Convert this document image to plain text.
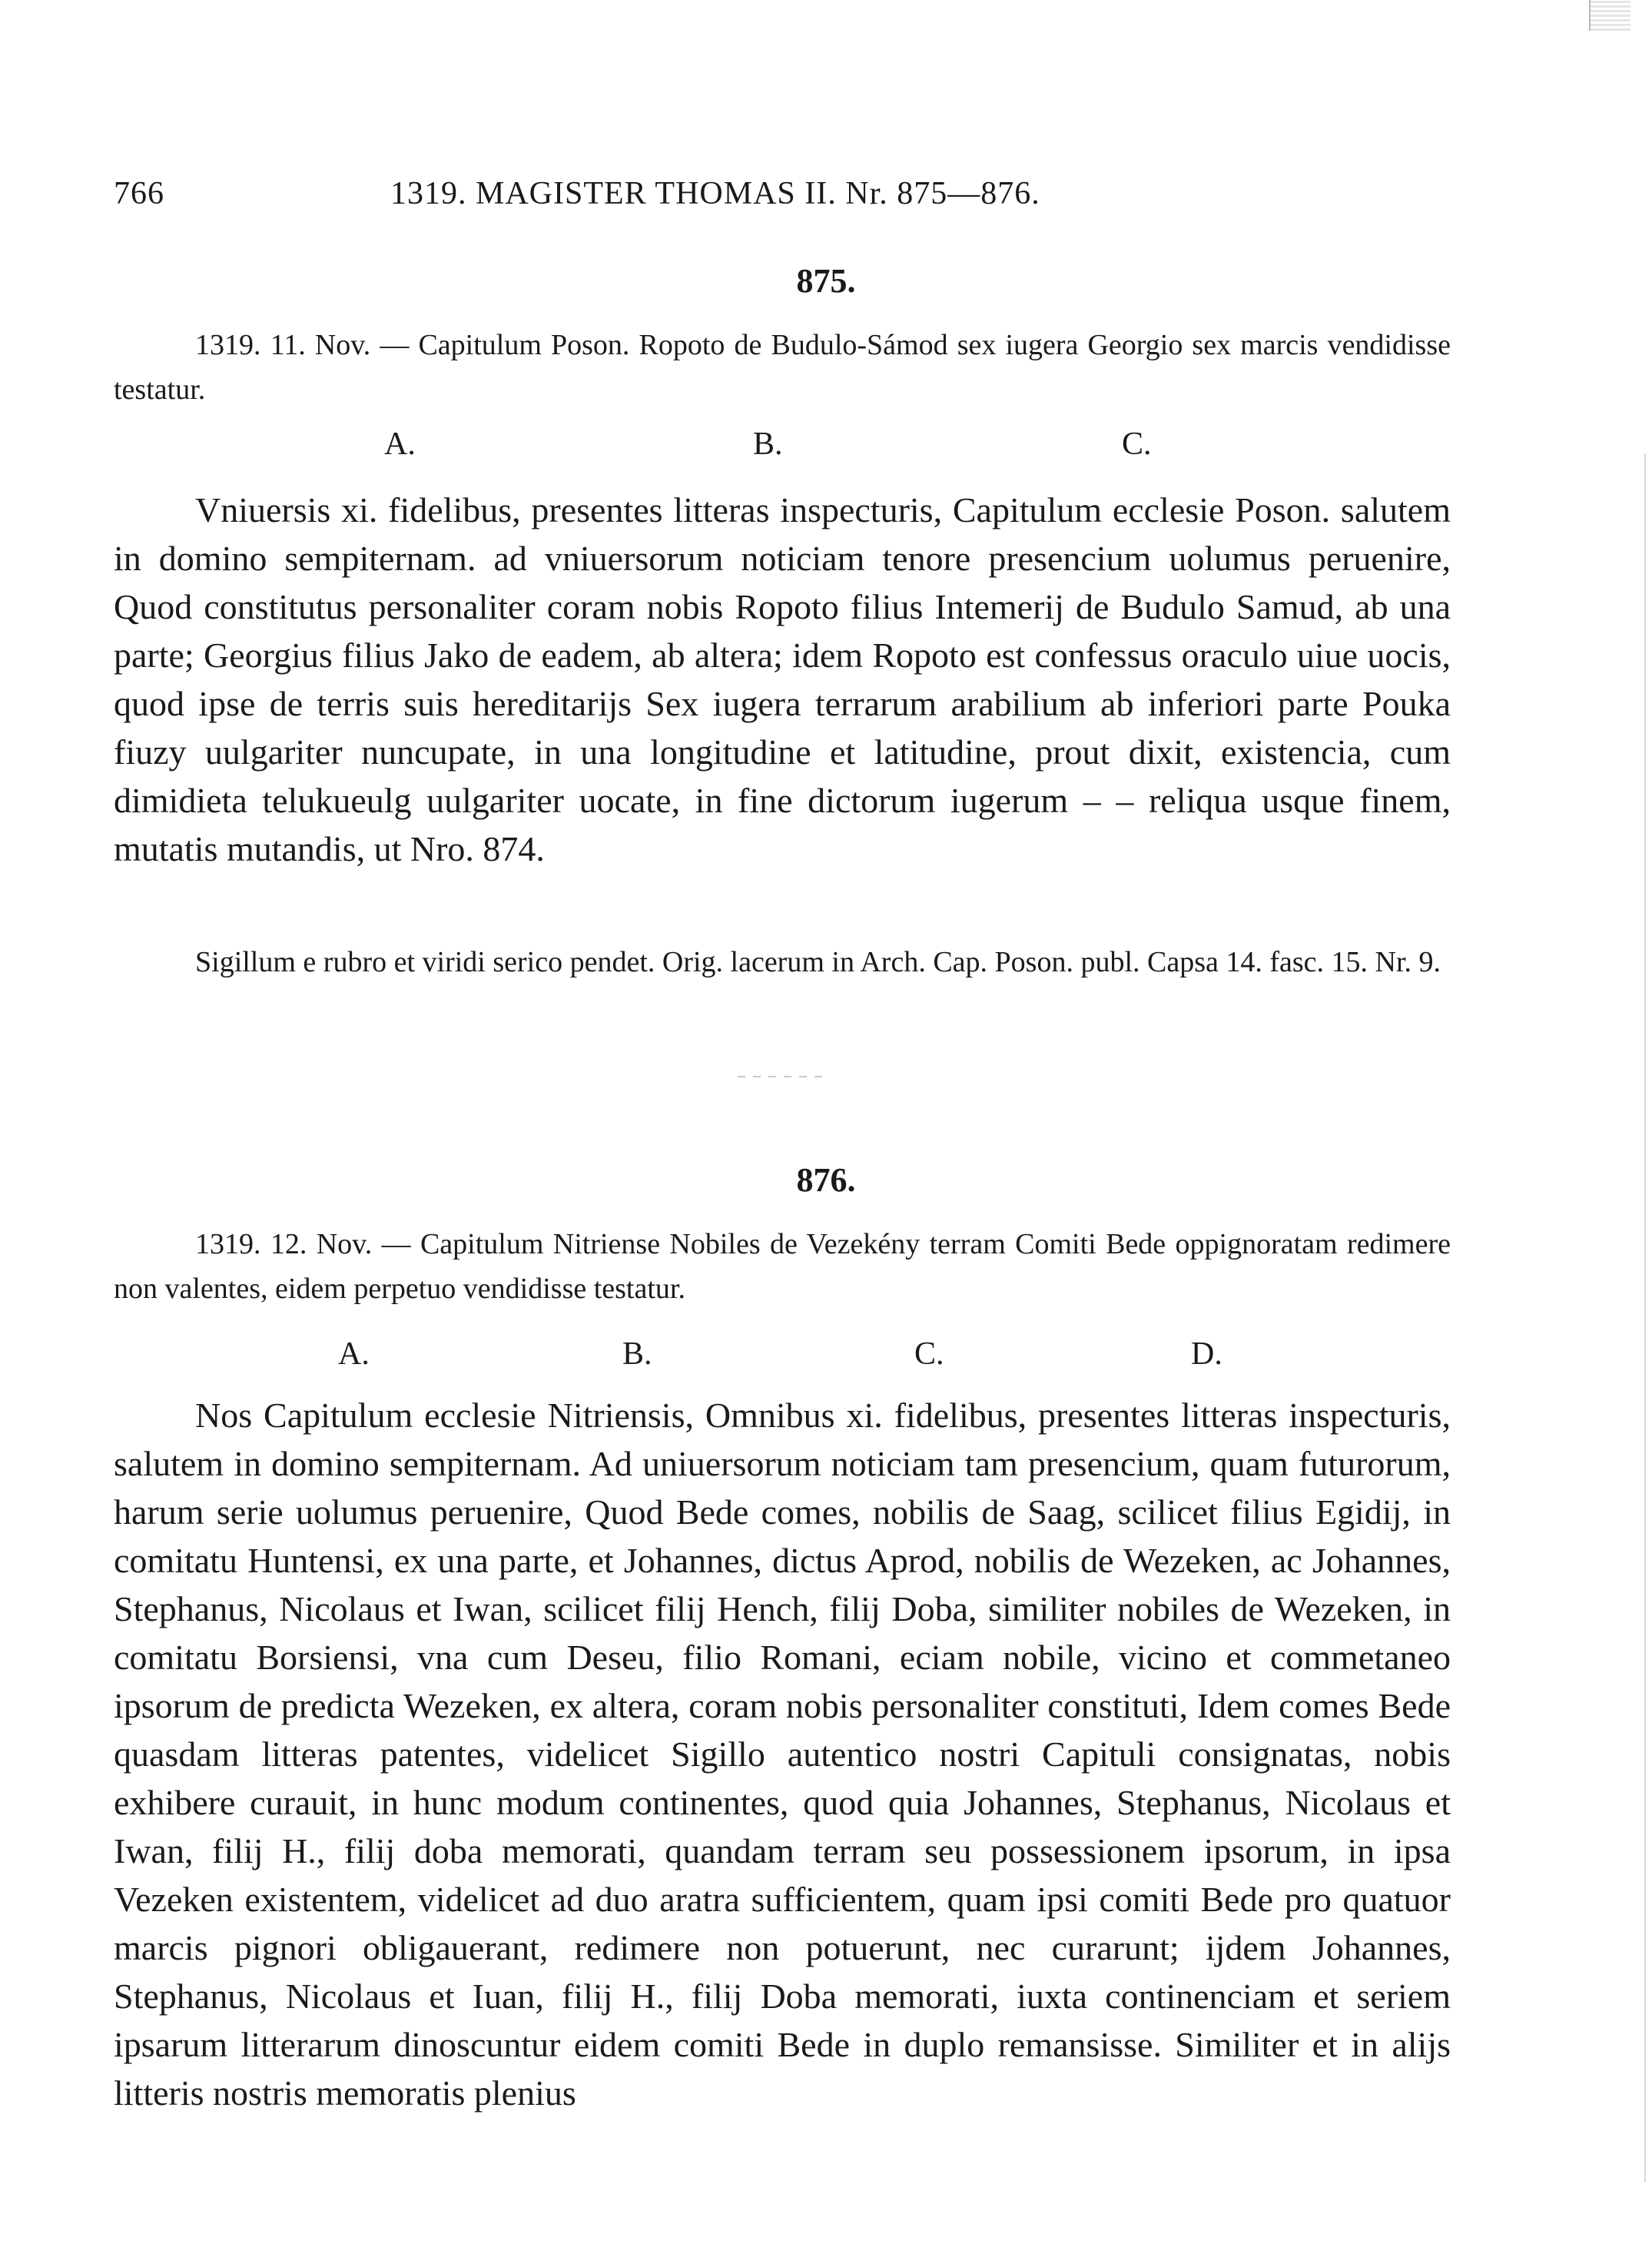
766	1319. MAGISTER THOMAS II. Nr. 875—876.
875.
1319. 11. Nov. — Capitulum Poson. Ropoto de Budulo-Sámod sex iugera Georgio sex marcis vendidisse testatur.
A.	B.	C.
Vniuersis xi. fidelibus, presentes litteras inspecturis, Capitulum ecclesie Poson. salutem in domino sempiternam. ad vniuersorum noticiam tenore presencium uolumus peruenire, Quod constitutus personaliter coram nobis Ropoto filius Intemerij de Budulo Samud, ab una parte; Georgius filius Jako de eadem, ab altera; idem Ropoto est confessus oraculo uiue uocis, quod ipse de terris suis hereditarijs Sex iugera terrarum arabilium ab inferiori parte Pouka fiuzy uulgariter nuncupate, in una longitudine et latitudine, prout dixit, existencia, cum dimidieta telukueulg uulgariter uocate, in fine dictorum iugerum – – reliqua usque finem, mutatis mutandis, ut Nro. 874.
Sigillum e rubro et viridi serico pendet. Orig. lacerum in Arch. Cap. Poson. publ. Capsa 14. fasc. 15. Nr. 9.
876.
1319. 12. Nov. — Capitulum Nitriense Nobiles de Vezekény terram Comiti Bede oppignoratam redimere non valentes, eidem perpetuo vendidisse testatur.
A.	B.	C.	D.
Nos Capitulum ecclesie Nitriensis, Omnibus xi. fidelibus, presentes litteras inspecturis, salutem in domino sempiternam. Ad uniuersorum noticiam tam presencium, quam futurorum, harum serie uolumus peruenire, Quod Bede comes, nobilis de Saag, scilicet filius Egidij, in comitatu Huntensi, ex una parte, et Johannes, dictus Aprod, nobilis de Wezeken, ac Johannes, Stephanus, Nicolaus et Iwan, scilicet filij Hench, filij Doba, similiter nobiles de Wezeken, in comitatu Borsiensi, vna cum Deseu, filio Romani, eciam nobile, vicino et commetaneo ipsorum de predicta Wezeken, ex altera, coram nobis personaliter constituti, Idem comes Bede quasdam litteras patentes, videlicet Sigillo autentico nostri Capituli consignatas, nobis exhibere curauit, in hunc modum continentes, quod quia Johannes, Stephanus, Nicolaus et Iwan, filij H., filij doba memorati, quandam terram seu possessionem ipsorum, in ipsa Vezeken existentem, videlicet ad duo aratra sufficientem, quam ipsi comiti Bede pro quatuor marcis pignori obligauerant, redimere non potuerunt, nec curarunt; ijdem Johannes, Stephanus, Nicolaus et Iuan, filij H., filij Doba memorati, iuxta continenciam et seriem ipsarum litterarum dinoscuntur eidem comiti Bede in duplo remansisse. Similiter et in alijs litteris nostris memoratis plenius
